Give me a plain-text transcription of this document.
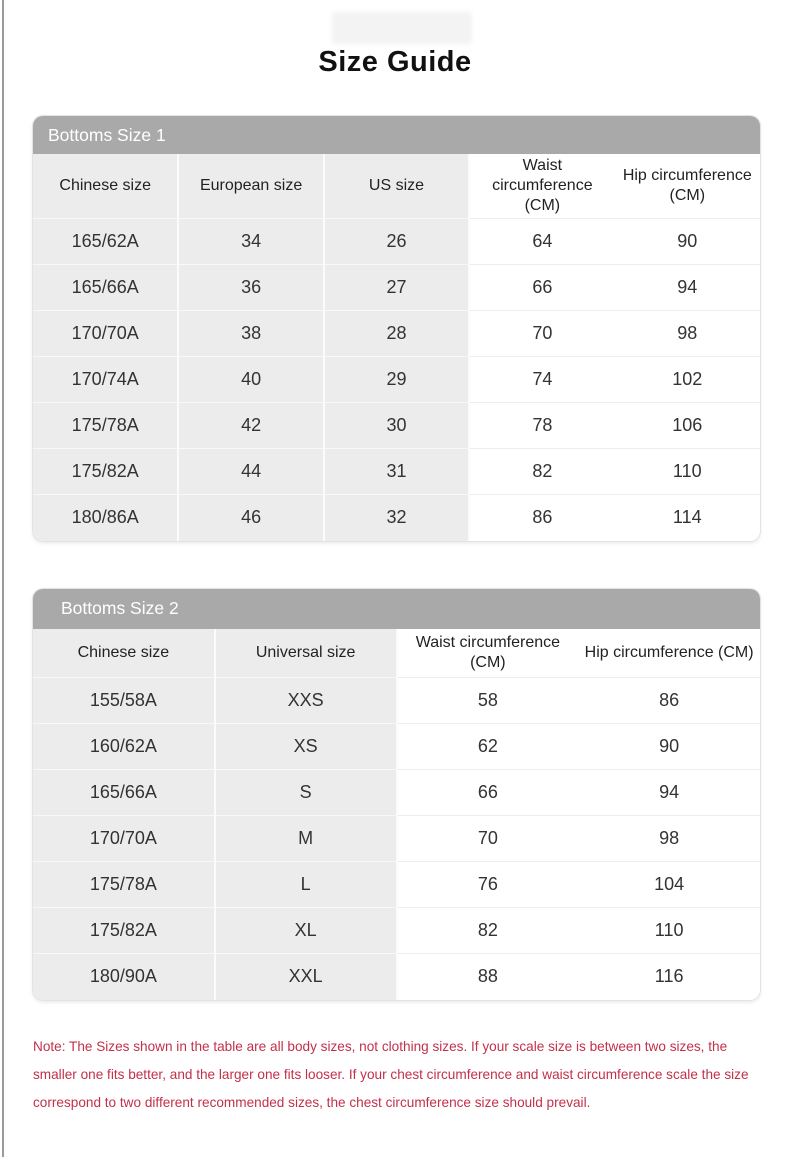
Size Guide
Bottoms Size 1
Chinese size	European size	US size	Waist circumference (CM)	Hip circumference (CM)
165/62A	34	26	64	90
165/66A	36	27	66	94
170/70A	38	28	70	98
170/74A	40	29	74	102
175/78A	42	30	78	106
175/82A	44	31	82	110
180/86A	46	32	86	114
Bottoms Size 2
Chinese size	Universal size	Waist circumference (CM)	Hip circumference (CM)
155/58A	XXS	58	86
160/62A	XS	62	90
165/66A	S	66	94
170/70A	M	70	98
175/78A	L	76	104
175/82A	XL	82	110
180/90A	XXL	88	116

Note: The Sizes shown in the table are all body sizes, not clothing sizes. If your scale size is between two sizes, the smaller one fits better, and the larger one fits looser. If your chest circumference and waist circumference scale the size correspond to two different recommended sizes, the chest circumference size should prevail.
